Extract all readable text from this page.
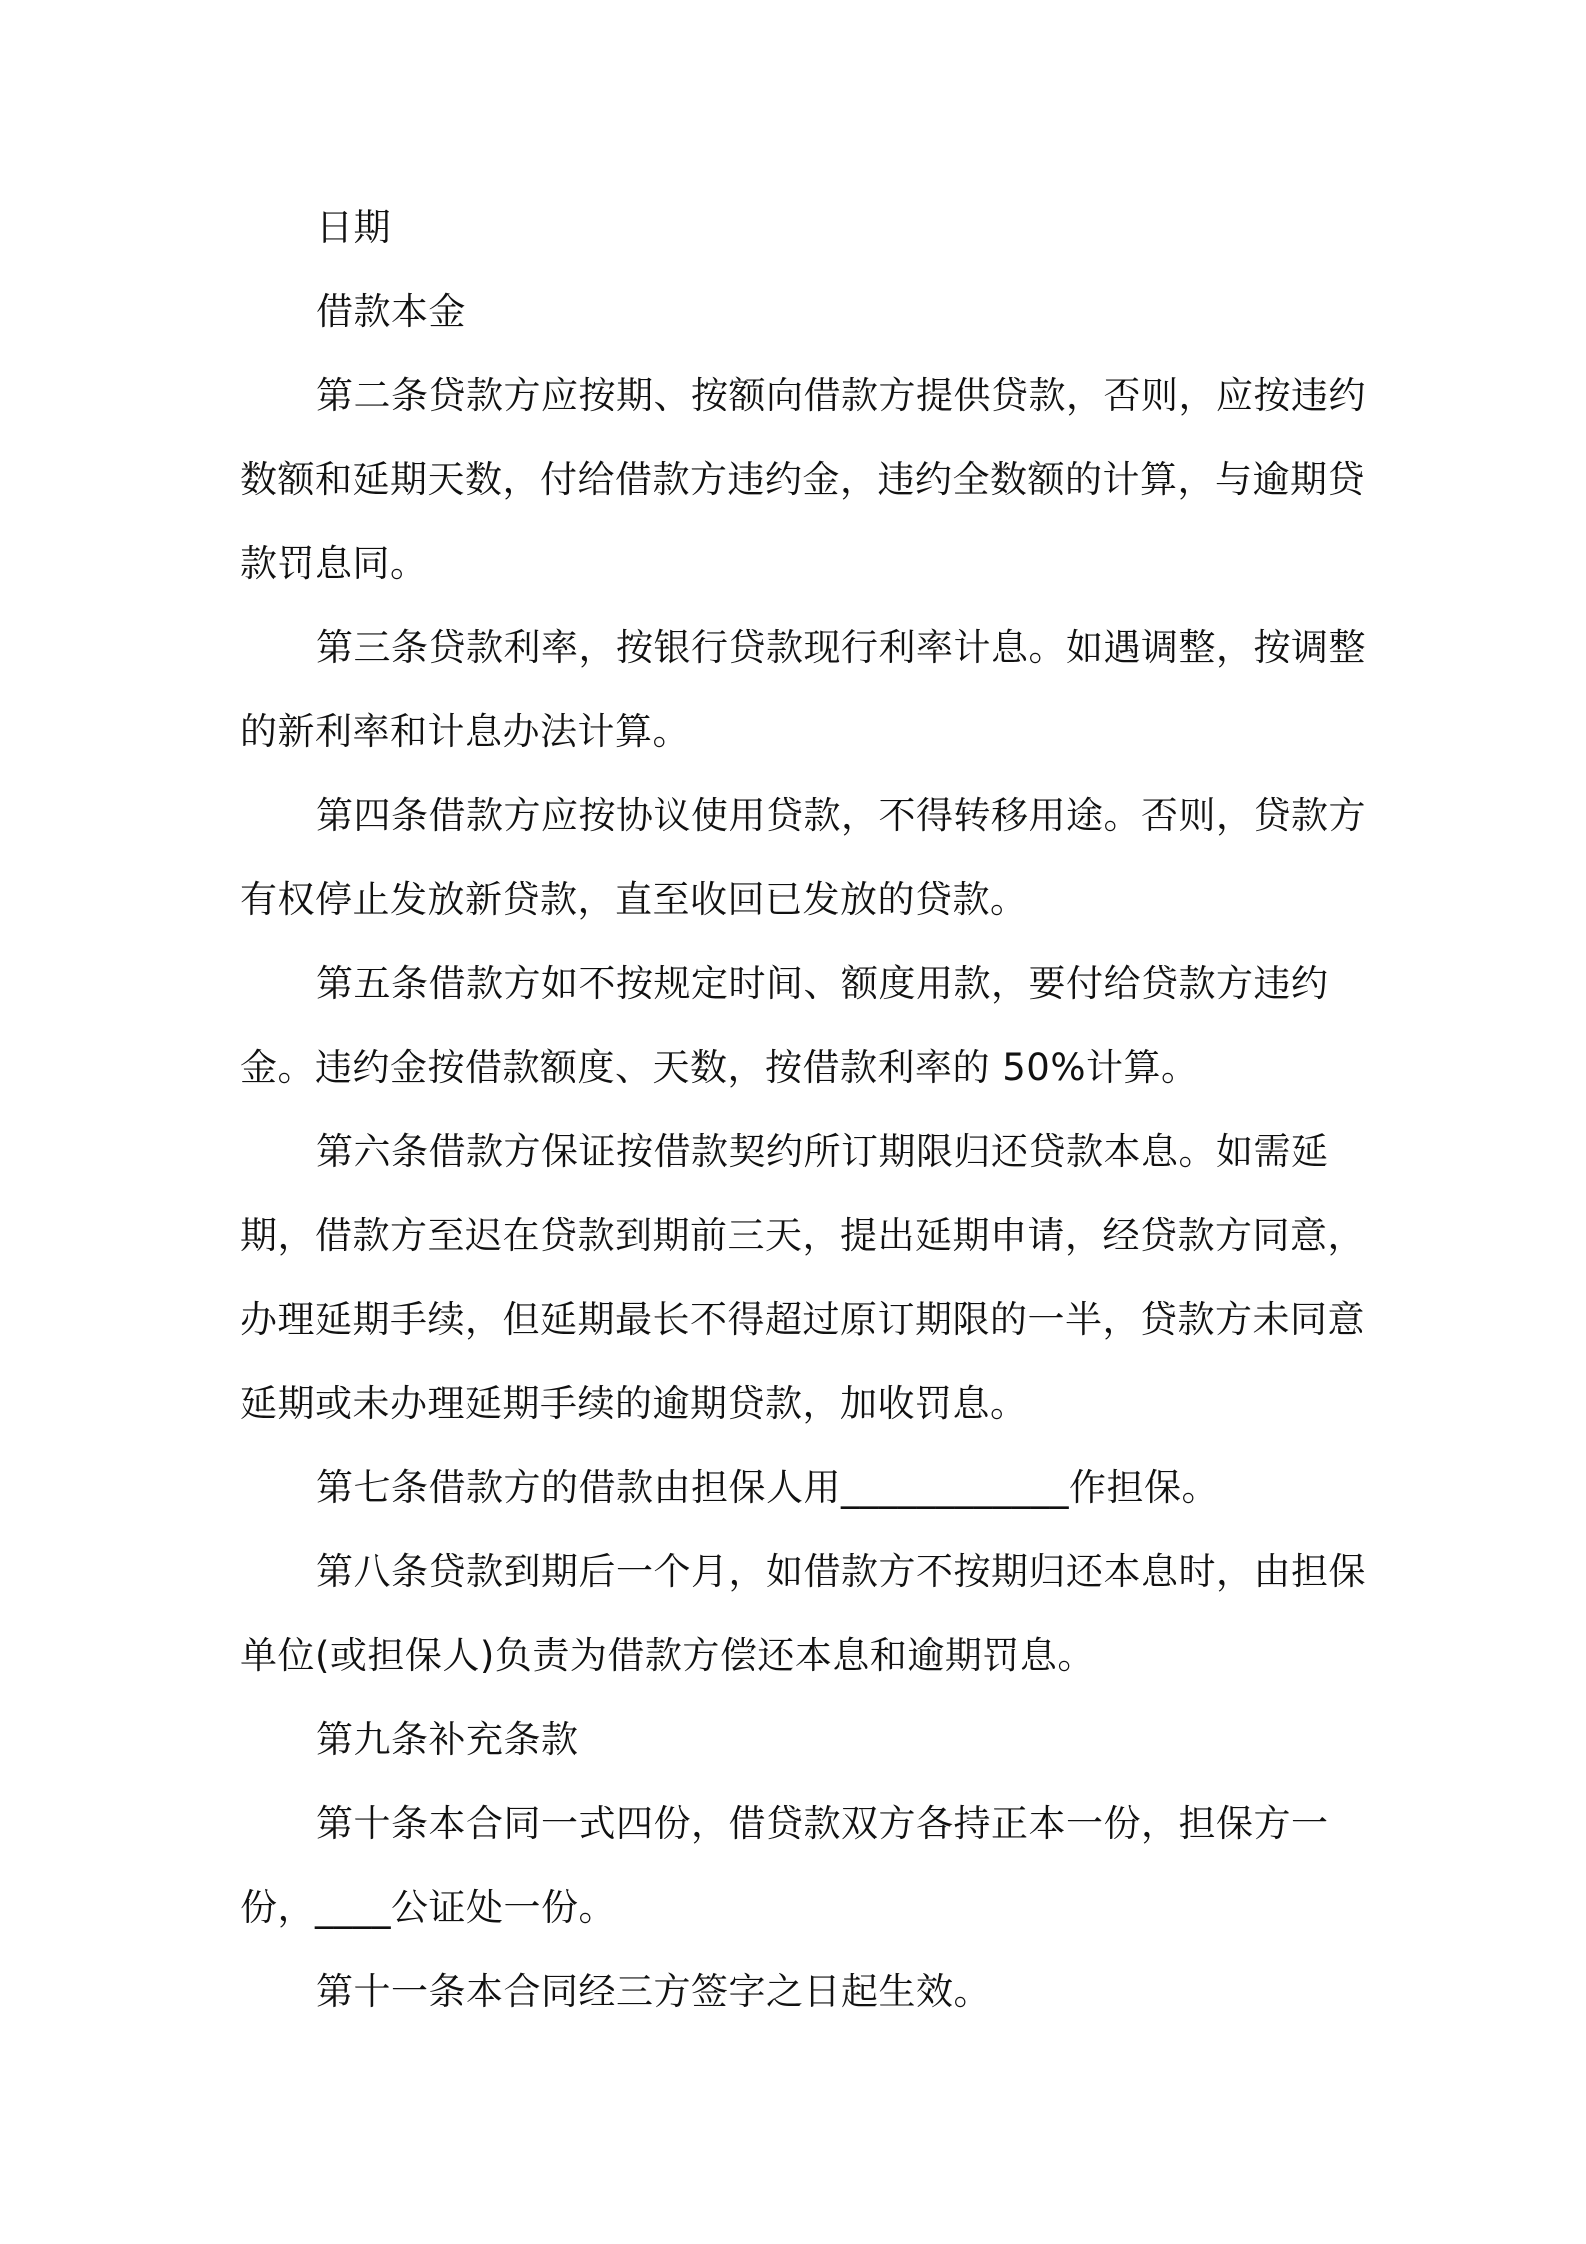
日期

借款本金

第二条贷款方应按期、按额向借款方提供贷款，否则，应按违约数额和延期天数，付给借款方违约金，违约全数额的计算，与逾期贷款罚息同。

第三条贷款利率，按银行贷款现行利率计息。如遇调整，按调整的新利率和计息办法计算。

第四条借款方应按协议使用贷款，不得转移用途。否则，贷款方有权停止发放新贷款，直至收回已发放的贷款。

第五条借款方如不按规定时间、额度用款，要付给贷款方违约金。违约金按借款额度、天数，按借款利率的 50%计算。

第六条借款方保证按借款契约所订期限归还贷款本息。如需延期，借款方至迟在贷款到期前三天，提出延期申请，经贷款方同意，办理延期手续，但延期最长不得超过原订期限的一半，贷款方未同意延期或未办理延期手续的逾期贷款，加收罚息。

第七条借款方的借款由担保人用____________作担保。

第八条贷款到期后一个月，如借款方不按期归还本息时，由担保单位(或担保人)负责为借款方偿还本息和逾期罚息。

第九条补充条款

第十条本合同一式四份，借贷款双方各持正本一份，担保方一份，____公证处一份。

第十一条本合同经三方签字之日起生效。
